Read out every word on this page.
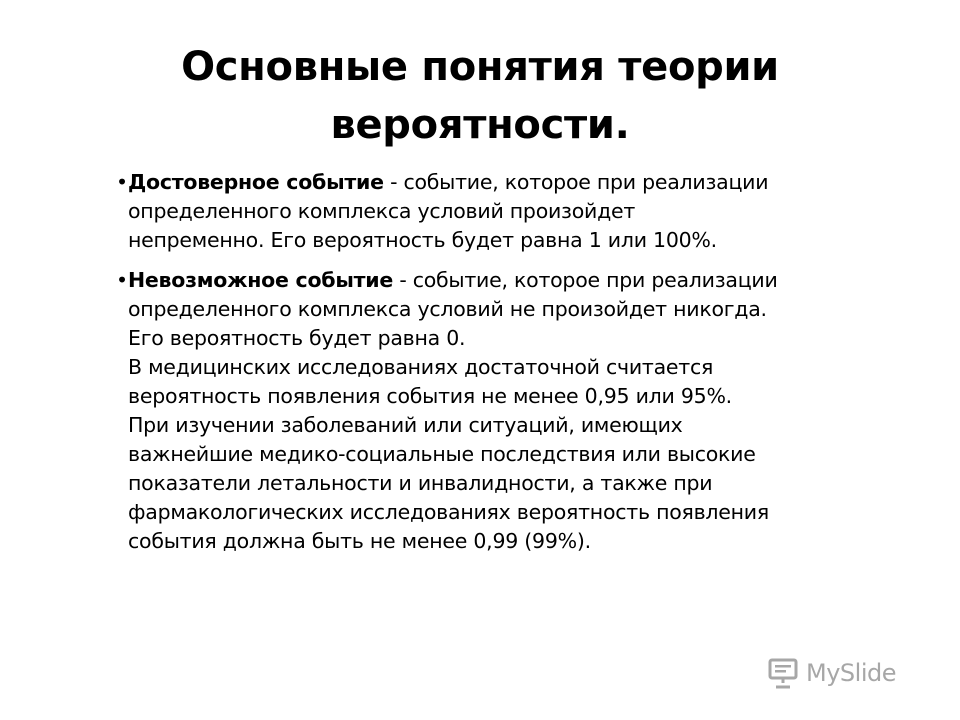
Основные понятия теории
вероятности.
• Достоверное событие - событие, которое при реализации
определенного комплекса условий произойдет
непременно. Его вероятность будет равна 1 или 100%.
• Невозможное событие - событие, которое при реализации
определенного комплекса условий не произойдет никогда.
Его вероятность будет равна 0.
В медицинских исследованиях достаточной считается
вероятность появления события не менее 0,95 или 95%.
При изучении заболеваний или ситуаций, имеющих
важнейшие медико-социальные последствия или высокие
показатели летальности и инвалидности, а также при
фармакологических исследованиях вероятность появления
события должна быть не менее 0,99 (99%).
MySlide
